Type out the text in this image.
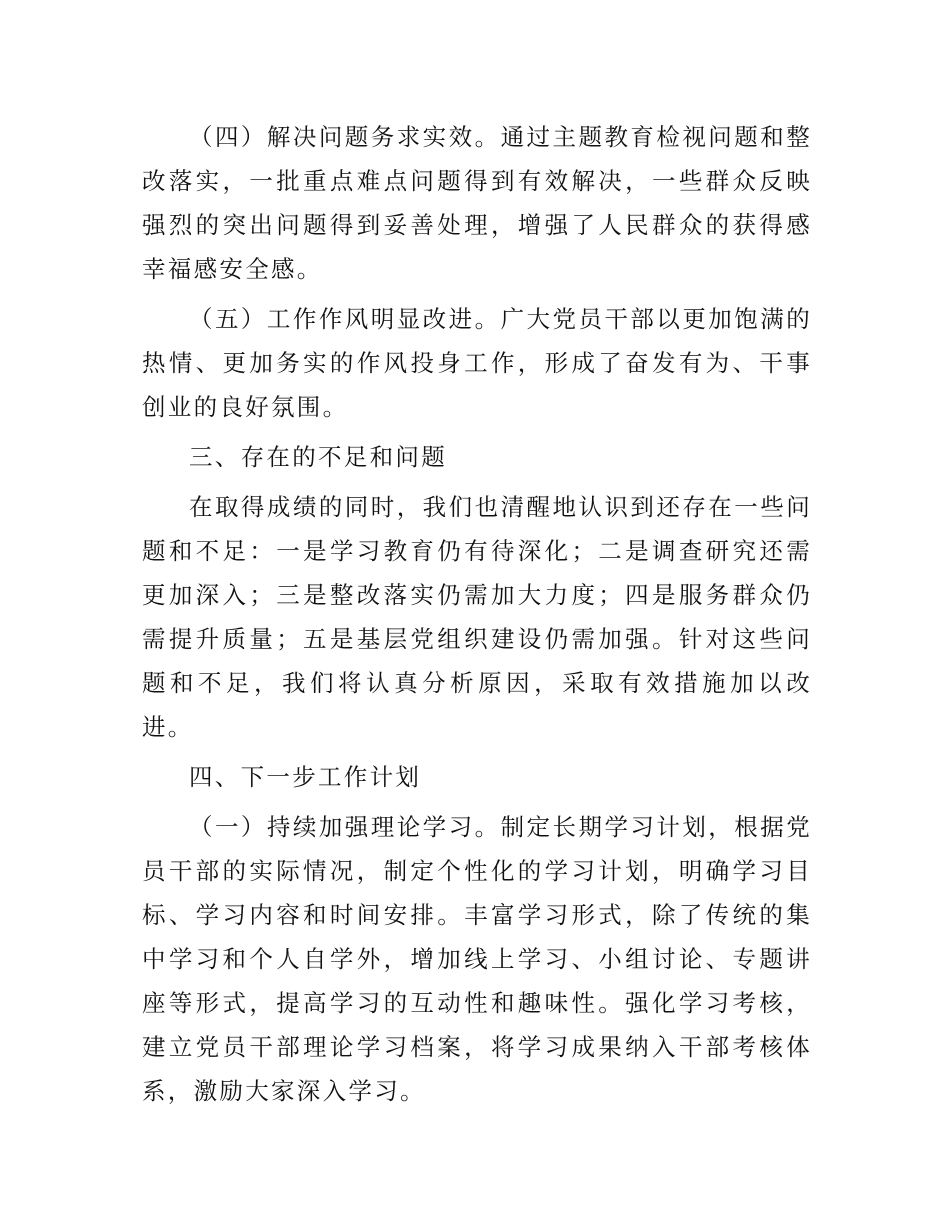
（四）解决问题务求实效。通过主题教育检视问题和整改落实，一批重点难点问题得到有效解决，一些群众反映强烈的突出问题得到妥善处理，增强了人民群众的获得感幸福感安全感。

（五）工作作风明显改进。广大党员干部以更加饱满的热情、更加务实的作风投身工作，形成了奋发有为、干事创业的良好氛围。

三、存在的不足和问题

在取得成绩的同时，我们也清醒地认识到还存在一些问题和不足：一是学习教育仍有待深化；二是调查研究还需更加深入；三是整改落实仍需加大力度；四是服务群众仍需提升质量；五是基层党组织建设仍需加强。针对这些问题和不足，我们将认真分析原因，采取有效措施加以改进。

四、下一步工作计划

（一）持续加强理论学习。制定长期学习计划，根据党员干部的实际情况，制定个性化的学习计划，明确学习目标、学习内容和时间安排。丰富学习形式，除了传统的集中学习和个人自学外，增加线上学习、小组讨论、专题讲座等形式，提高学习的互动性和趣味性。强化学习考核，建立党员干部理论学习档案，将学习成果纳入干部考核体系，激励大家深入学习。
